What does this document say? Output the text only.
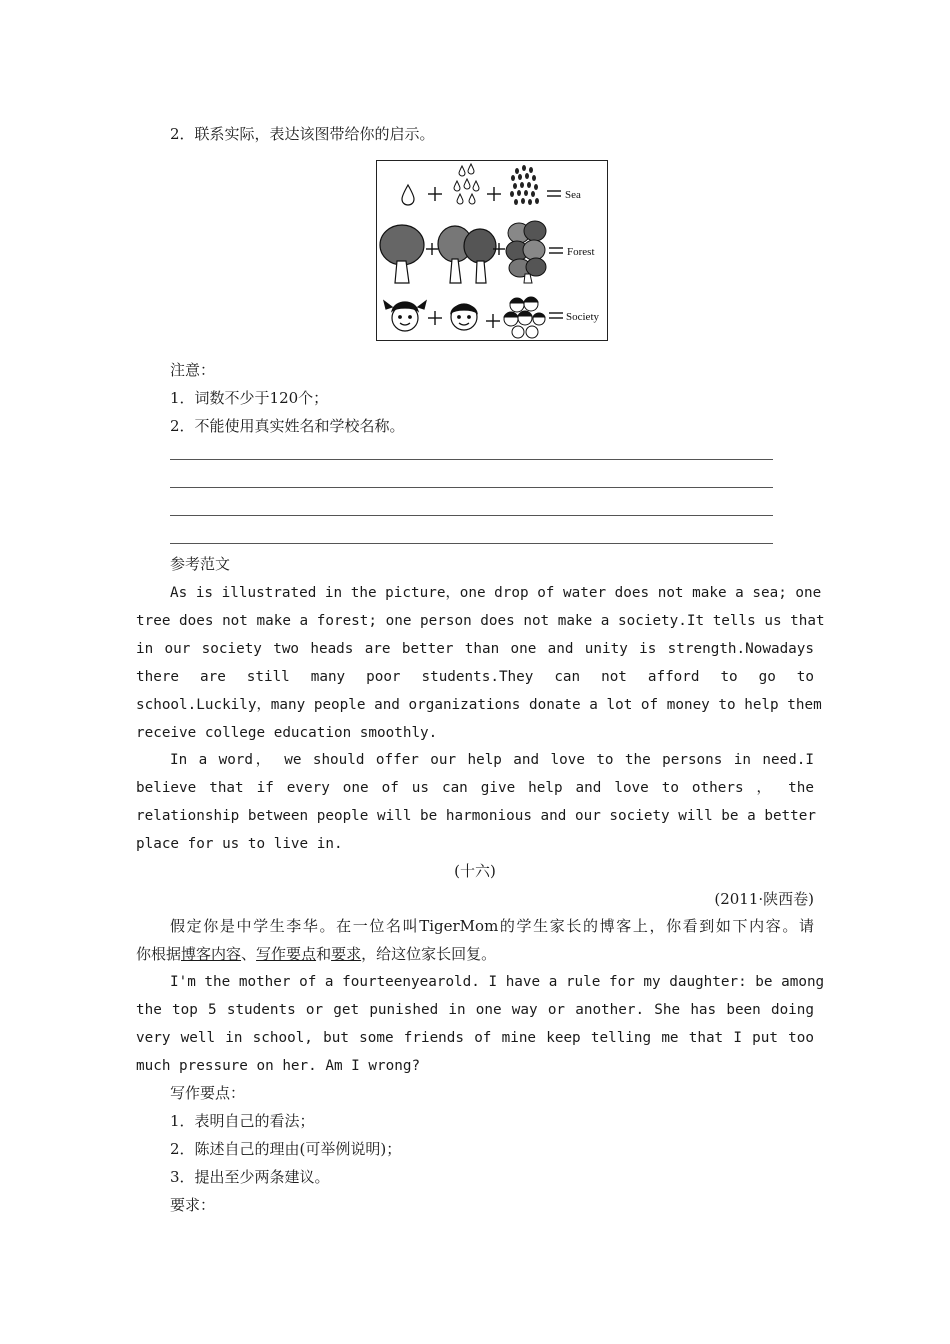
2．联系实际，表达该图带给你的启示。
Sea
Forest
Society
注意：
1．词数不少于120个；
2．不能使用真实姓名和学校名称。
参考范文
As is illustrated in the picture，one drop of water does not make a sea; one
tree does not make a forest; one person does not make a society.It tells us that
in our society two heads are better than one and unity is strength.Nowadays
there are still many poor students.They can not afford to go to
school.Luckily，many people and organizations donate a lot of money to help them
receive college education smoothly.
In a word， we should offer our help and love to the persons in need.I
believe that if every one of us can give help and love to others ， the
relationship between people will be harmonious and our society will be a better
place for us to live in.
(十六)
(2011·陕西卷)
假定你是中学生李华。在一位名叫TigerMom的学生家长的博客上，你看到如下内容。请
你根据博客内容、写作要点和要求，给这位家长回复。
I'm the mother of a fourteenyearold. I have a rule for my daughter: be among
the top 5 students or get punished in one way or another. She has been doing
very well in school, but some friends of mine keep telling me that I put too
much pressure on her. Am I wrong?
写作要点：
1．表明自己的看法；
2．陈述自己的理由(可举例说明)；
3．提出至少两条建议。
要求：
